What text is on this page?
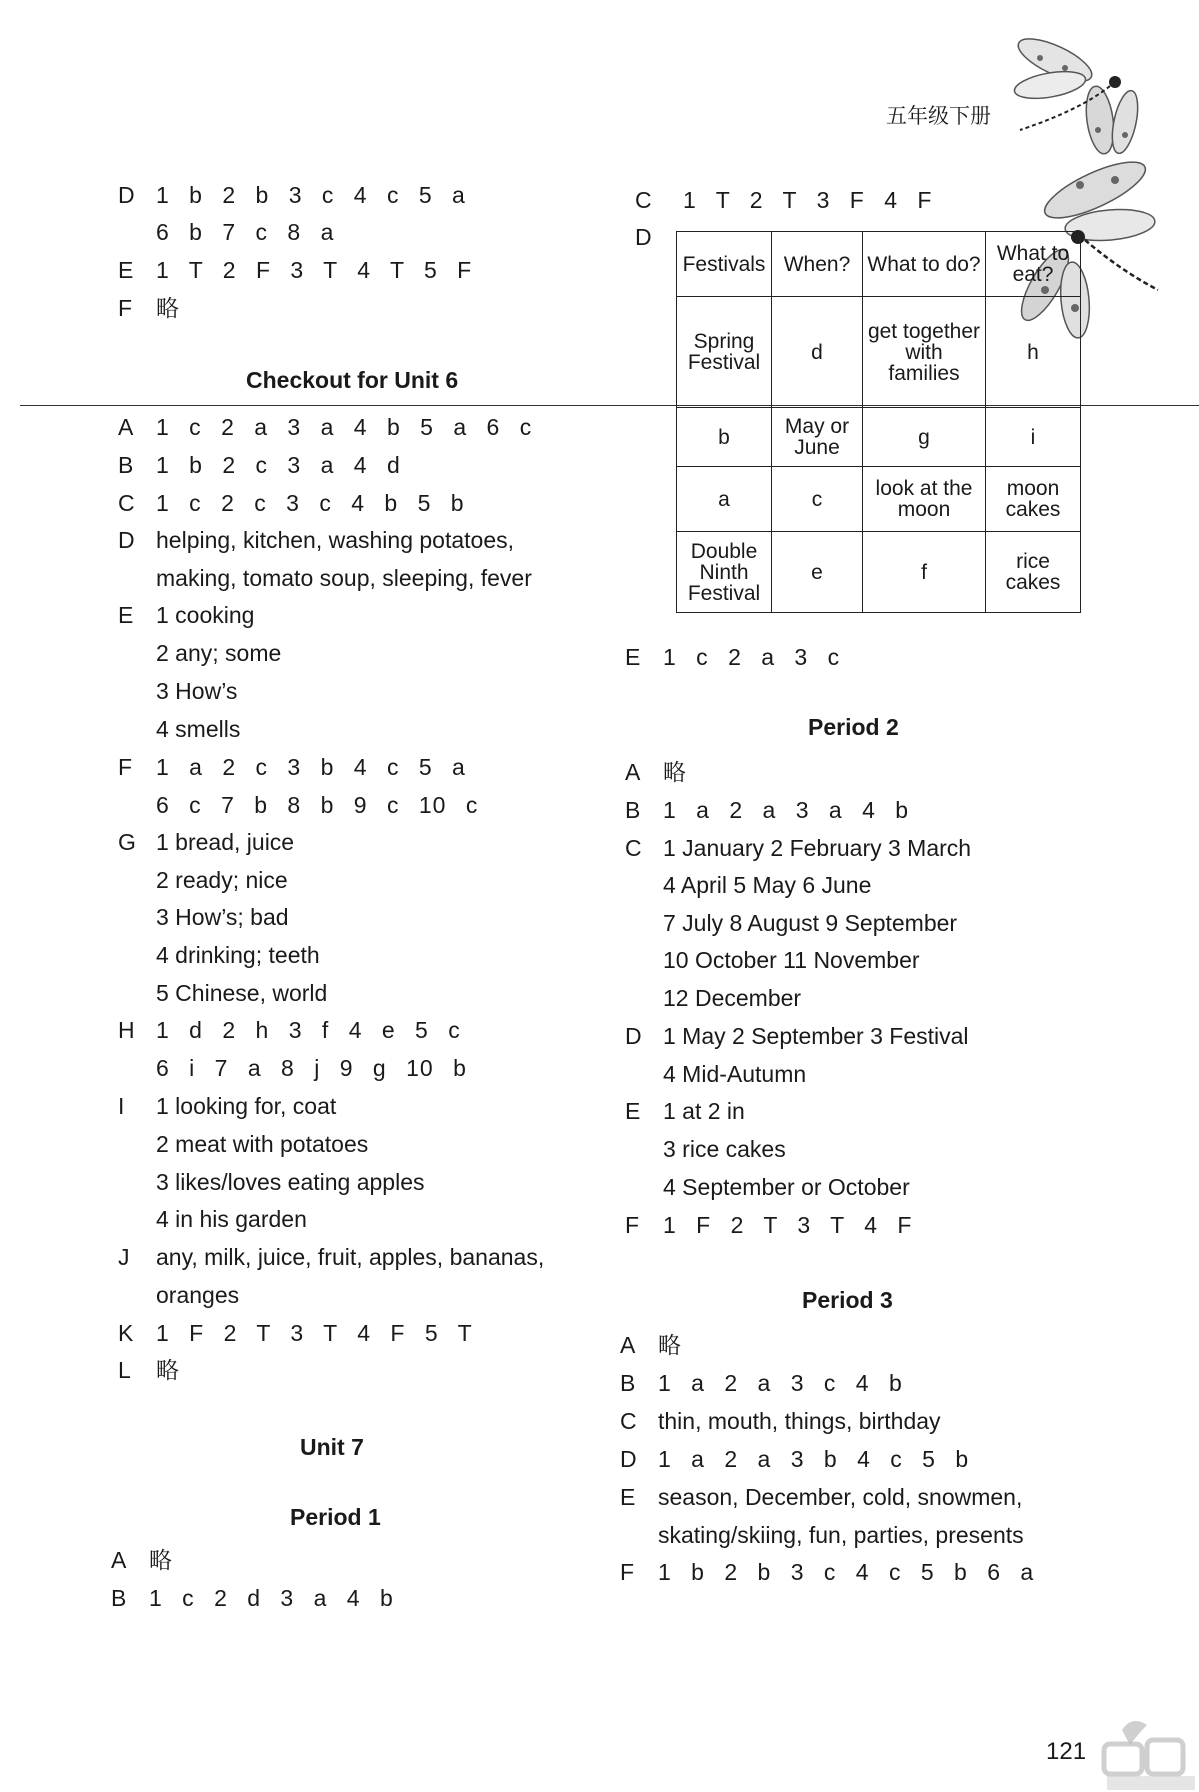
五年级下册
D 1 b 2 b 3 c 4 c 5 a
6 b 7 c 8 a
E 1 T 2 F 3 T 4 T 5 F
F	略
Checkout for Unit 6
A 1 c 2 a 3 a 4 b 5 a 6 c
B 1 b 2 c 3 a 4 d
C 1 c 2 c 3 c 4 b 5 b
D helping, kitchen, washing potatoes,
making, tomato soup, sleeping, fever
E 1 cooking
2 any; some
3 How’s
4 smells
F	1 a 2 c 3 b 4 c 5 a
6 c 7 b 8 b 9 c 10 c
G 1 bread, juice
2 ready; nice
3 How’s; bad
4 drinking; teeth
5 Chinese, world
H 1 d 2 h 3 f 4 e 5 c
6 i 7 a 8 j 9 g 10 b
I	1 looking for, coat
2 meat with potatoes
3 likes/loves eating apples
4 in his garden
J	any, milk, juice, fruit, apples, bananas,
oranges
K 1 F 2 T 3 T 4 F 5 T
L	略
Unit 7
Period 1
A 略
B 1 c 2 d 3 a 4 b
C	1 T 2 T 3 F 4 F
D
Festivals	When?	What to do?	What to eat?
Spring Festival	d	get together with families	h
b	May or June	g	i
a	c	look at the moon	moon cakes
Double Ninth Festival	e	f	rice cakes
E 1 c 2 a 3 c
Period 2
A 略
B 1 a 2 a 3 a 4 b
C 1 January 2 February 3 March
4 April 5 May 6 June
7 July 8 August 9 September
10 October 11 November
12 December
D 1 May 2 September 3 Festival
4 Mid-Autumn
E 1 at 2 in
3 rice cakes
4 September or October
F	1 F 2 T 3 T 4 F
Period 3
A 略
B 1 a 2 a 3 c 4 b
C thin, mouth, things, birthday
D 1 a 2 a 3 b 4 c 5 b
E season, December, cold, snowmen,
skating/skiing, fun, parties, presents
F	1 b 2 b 3 c 4 c 5 b 6 a
121
